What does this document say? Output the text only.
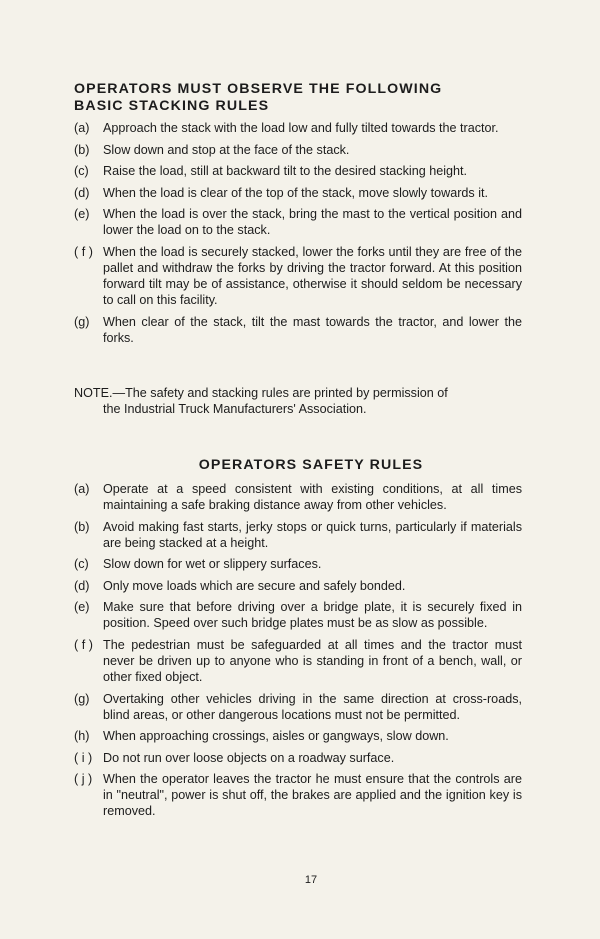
OPERATORS MUST OBSERVE THE FOLLOWING
BASIC STACKING RULES
(a)	Approach the stack with the load low and fully tilted towards the tractor.
(b)	Slow down and stop at the face of the stack.
(c)	Raise the load, still at backward tilt to the desired stacking height.
(d)	When the load is clear of the top of the stack, move slowly towards it.
(e)	When the load is over the stack, bring the mast to the vertical position and lower the load on to the stack.
( f ) When the load is securely stacked, lower the forks until they are free of the pallet and withdraw the forks by driving the tractor forward. At this position forward tilt may be of assistance, otherwise it should seldom be necessary to call on this facility.
(g)	When clear of the stack, tilt the mast towards the tractor, and lower the forks.
NOTE.—The safety and stacking rules are printed by permission of
the Industrial Truck Manufacturers' Association.
OPERATORS SAFETY RULES
(a)	Operate at a speed consistent with existing conditions, at all times maintaining a safe braking distance away from other vehicles.
(b)	Avoid making fast starts, jerky stops or quick turns, particularly if materials are being stacked at a height.
(c)	Slow down for wet or slippery surfaces.
(d)	Only move loads which are secure and safely bonded.
(e)	Make sure that before driving over a bridge plate, it is securely fixed in position. Speed over such bridge plates must be as slow as possible.
( f ) The pedestrian must be safeguarded at all times and the tractor must never be driven up to anyone who is standing in front of a bench, wall, or other fixed object.
(g)	Overtaking other vehicles driving in the same direction at cross-roads, blind areas, or other dangerous locations must not be permitted.
(h)	When approaching crossings, aisles or gangways, slow down.
( i ) Do not run over loose objects on a roadway surface.
( j ) When the operator leaves the tractor he must ensure that the controls are in "neutral", power is shut off, the brakes are applied and the ignition key is removed.
17
